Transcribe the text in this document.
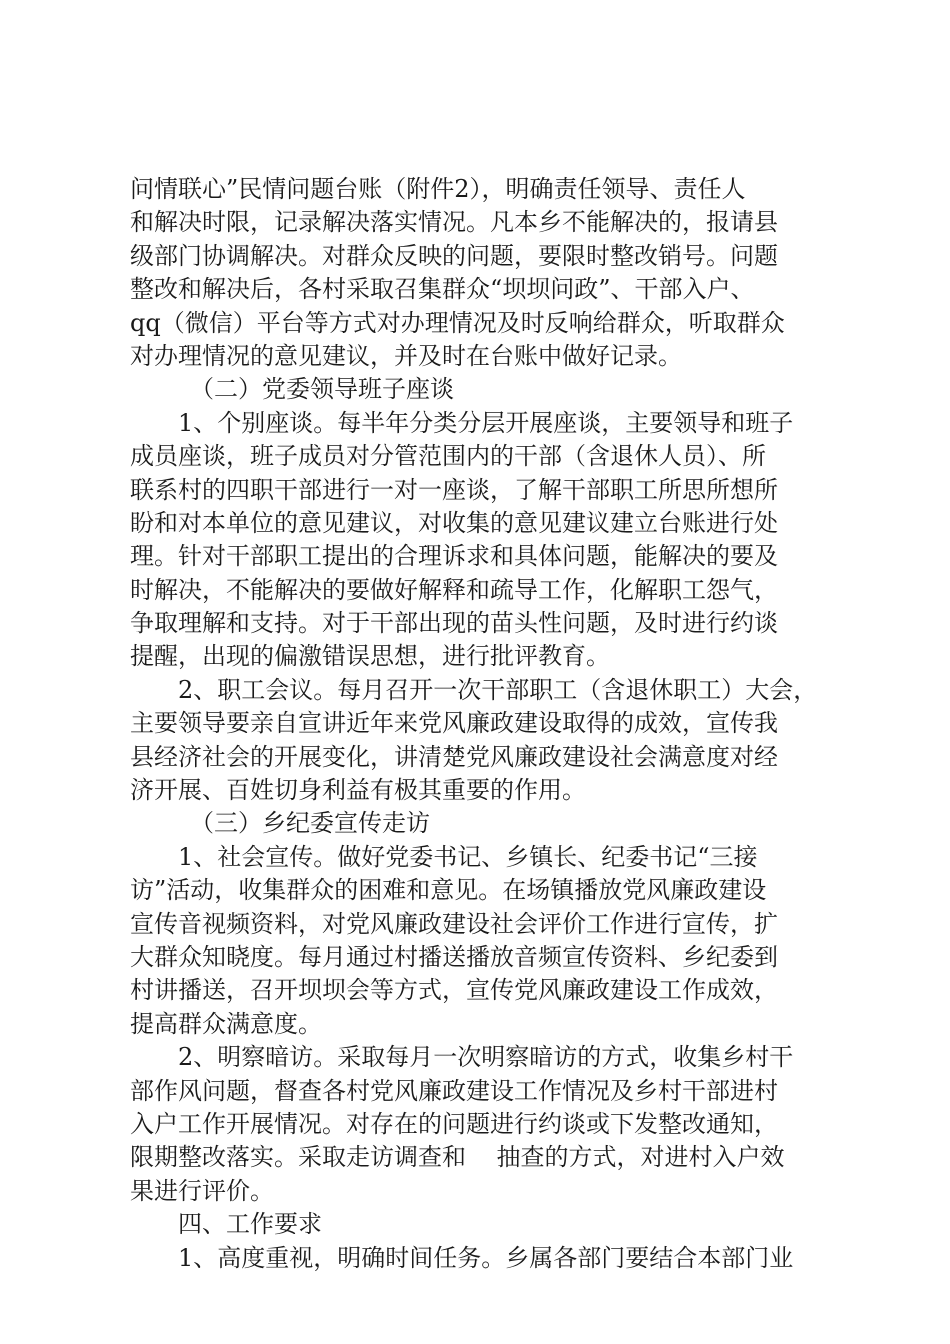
问情联心”民情问题台账（附件2），明确责任领导、责任人
和解决时限，记录解决落实情况。凡本乡不能解决的，报请县
级部门协调解决。对群众反映的问题，要限时整改销号。问题
整改和解决后，各村采取召集群众“坝坝问政”、干部入户、
qq（微信）平台等方式对办理情况及时反响给群众，听取群众
对办理情况的意见建议，并及时在台账中做好记录。
（二）党委领导班子座谈
1、个别座谈。每半年分类分层开展座谈，主要领导和班子
成员座谈，班子成员对分管范围内的干部（含退休人员）、所
联系村的四职干部进行一对一座谈，了解干部职工所思所想所
盼和对本单位的意见建议，对收集的意见建议建立台账进行处
理。针对干部职工提出的合理诉求和具体问题，能解决的要及
时解决，不能解决的要做好解释和疏导工作，化解职工怨气，
争取理解和支持。对于干部出现的苗头性问题，及时进行约谈
提醒，出现的偏激错误思想，进行批评教育。
2、职工会议。每月召开一次干部职工（含退休职工）大会，
主要领导要亲自宣讲近年来党风廉政建设取得的成效，宣传我
县经济社会的开展变化，讲清楚党风廉政建设社会满意度对经
济开展、百姓切身利益有极其重要的作用。
（三）乡纪委宣传走访
1、社会宣传。做好党委书记、乡镇长、纪委书记“三接
访”活动，收集群众的困难和意见。在场镇播放党风廉政建设
宣传音视频资料，对党风廉政建设社会评价工作进行宣传，扩
大群众知晓度。每月通过村播送播放音频宣传资料、乡纪委到
村讲播送，召开坝坝会等方式，宣传党风廉政建设工作成效，
提高群众满意度。
2、明察暗访。采取每月一次明察暗访的方式，收集乡村干
部作风问题，督查各村党风廉政建设工作情况及乡村干部进村
入户工作开展情况。对存在的问题进行约谈或下发整改通知，
限期整改落实。采取走访调查和    抽查的方式，对进村入户效
果进行评价。
四、工作要求
1、高度重视，明确时间任务。乡属各部门要结合本部门业
